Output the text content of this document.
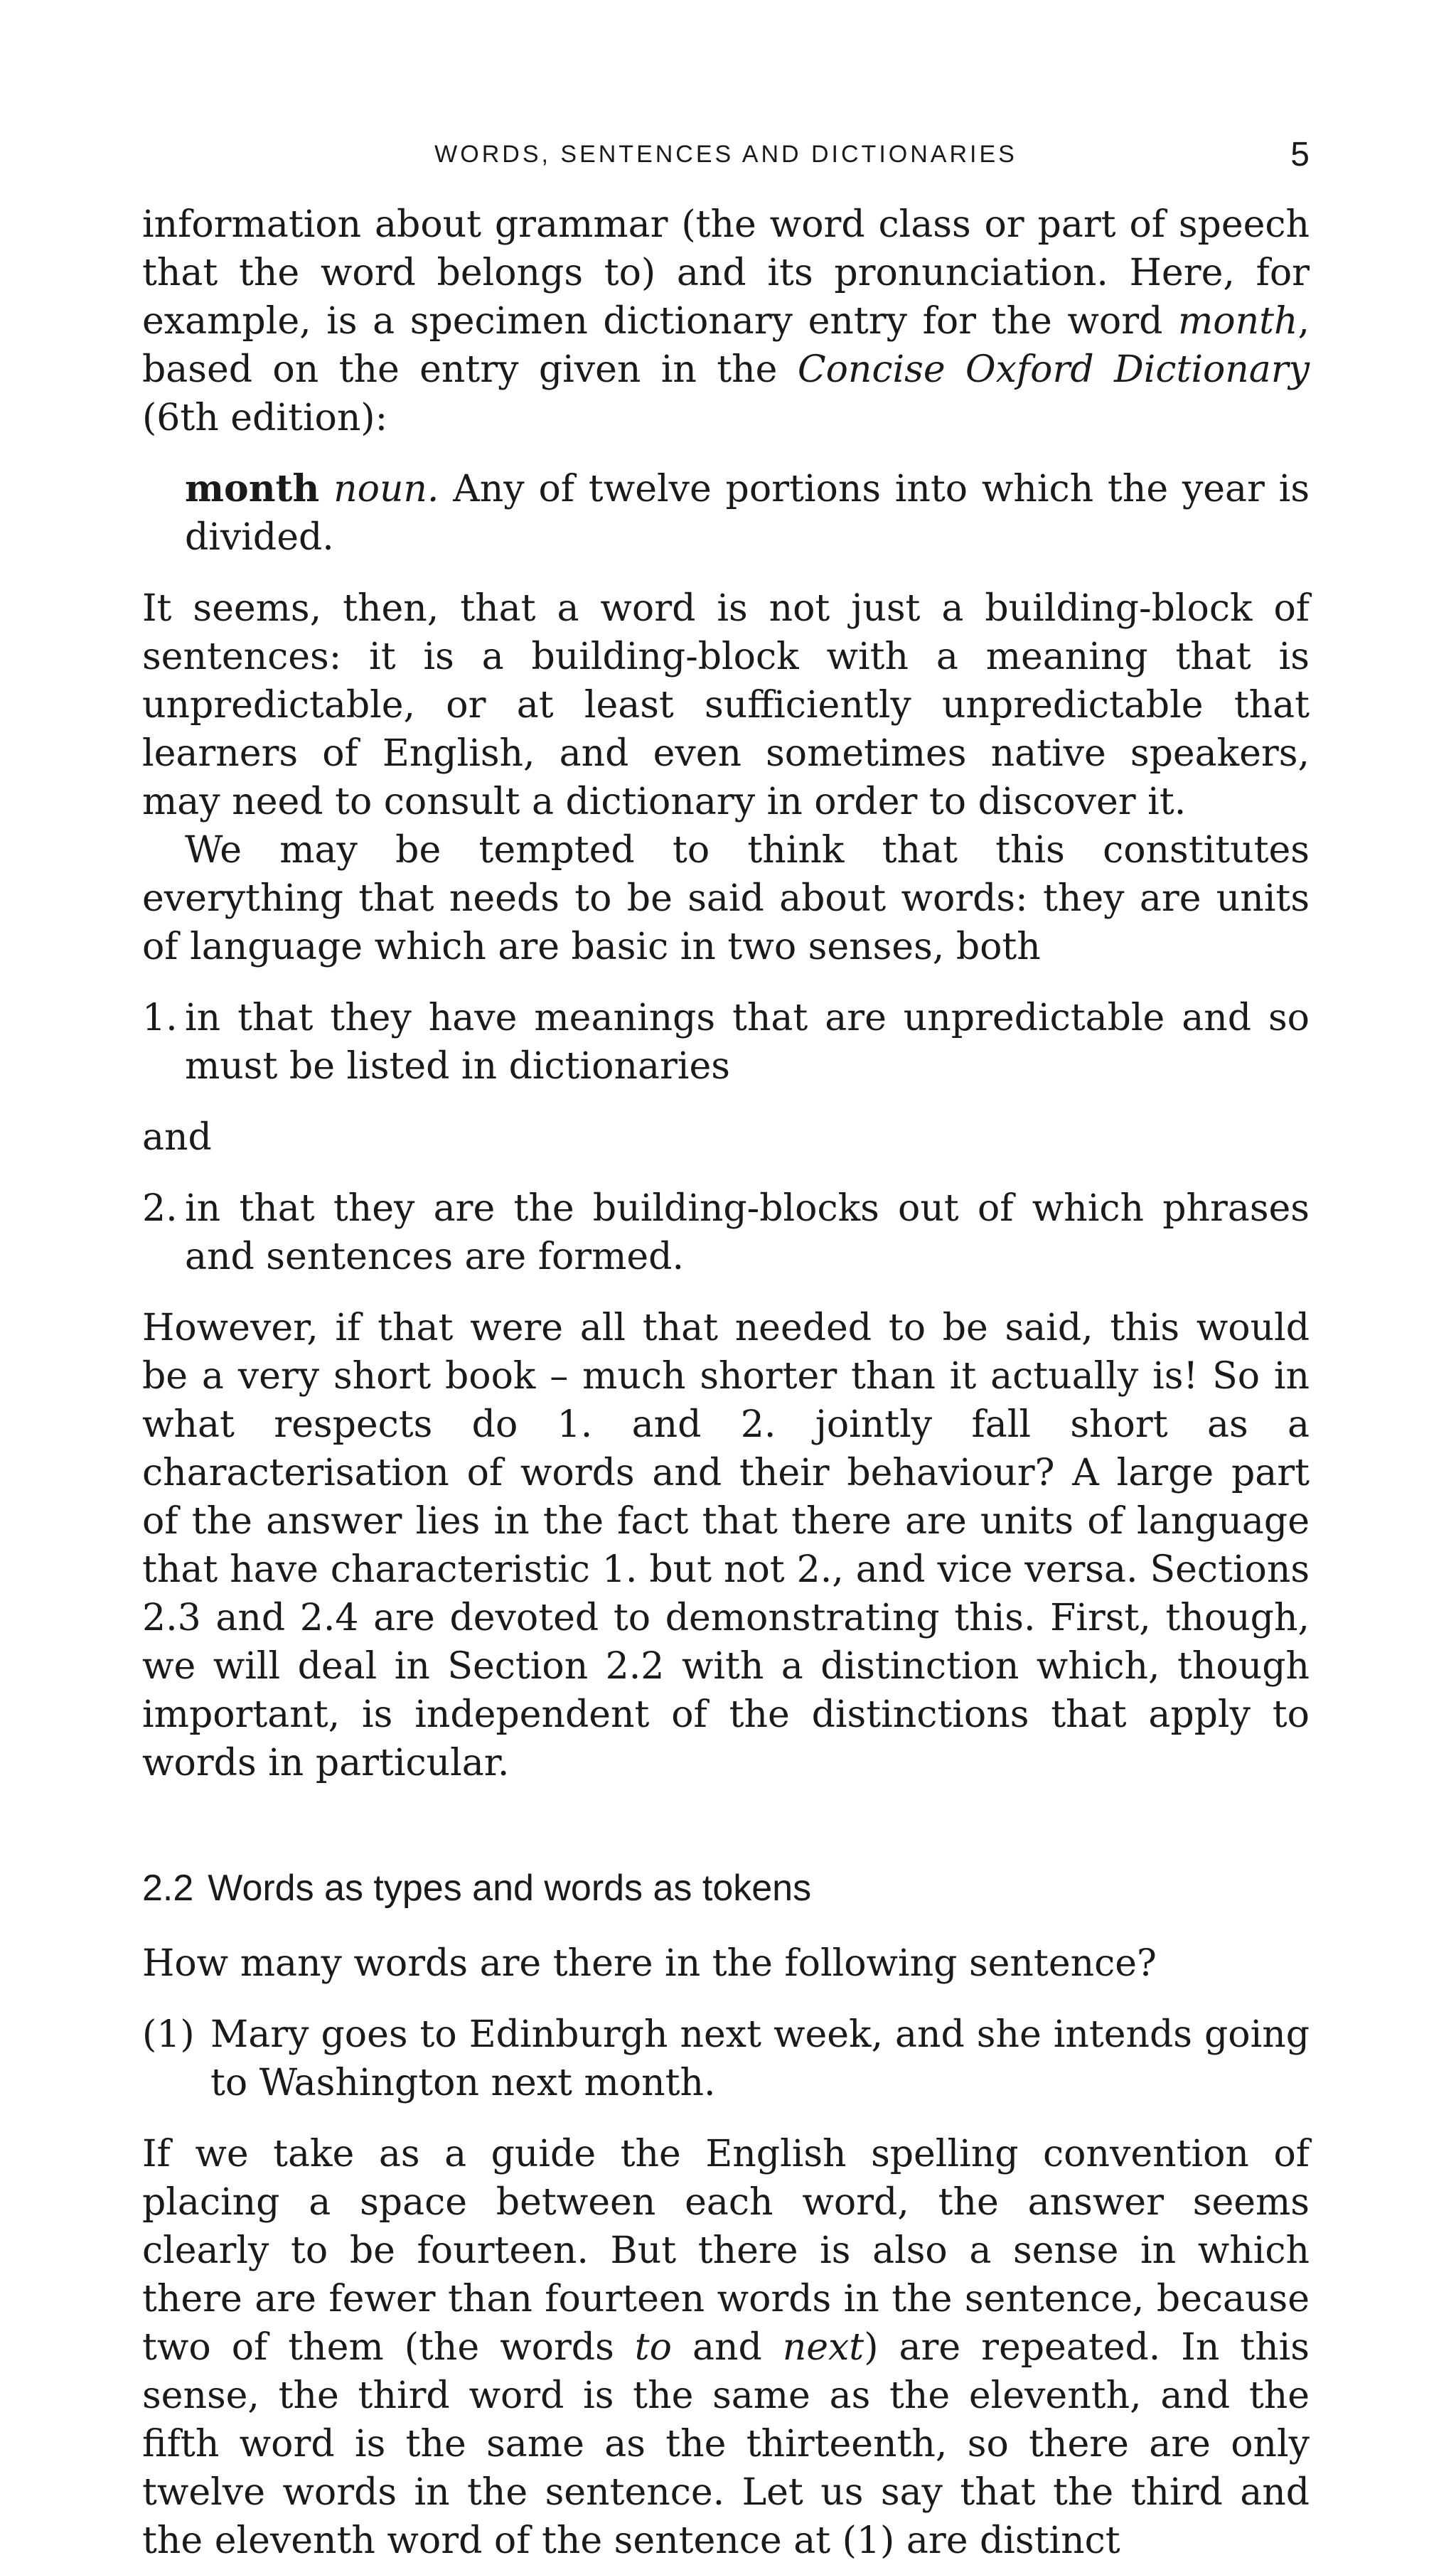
WORDS, SENTENCES AND DICTIONARIES	5

information about grammar (the word class or part of speech that the word belongs to) and its pronunciation. Here, for example, is a specimen dictionary entry for the word month, based on the entry given in the Concise Oxford Dictionary (6th edition):

month noun. Any of twelve portions into which the year is divided.

It seems, then, that a word is not just a building-block of sentences: it is a building-block with a meaning that is unpredictable, or at least sufficiently unpredictable that learners of English, and even sometimes native speakers, may need to consult a dictionary in order to discover it.

We may be tempted to think that this constitutes everything that needs to be said about words: they are units of language which are basic in two senses, both

1. in that they have meanings that are unpredictable and so must be listed in dictionaries
and
2. in that they are the building-blocks out of which phrases and sentences are formed.

However, if that were all that needed to be said, this would be a very short book – much shorter than it actually is! So in what respects do 1. and 2. jointly fall short as a characterisation of words and their behaviour? A large part of the answer lies in the fact that there are units of language that have characteristic 1. but not 2., and vice versa. Sections 2.3 and 2.4 are devoted to demonstrating this. First, though, we will deal in Section 2.2 with a distinction which, though important, is independent of the distinctions that apply to words in particular.

2.2 Words as types and words as tokens

How many words are there in the following sentence?

(1) Mary goes to Edinburgh next week, and she intends going to Washington next month.

If we take as a guide the English spelling convention of placing a space between each word, the answer seems clearly to be fourteen. But there is also a sense in which there are fewer than fourteen words in the sentence, because two of them (the words to and next) are repeated. In this sense, the third word is the same as the eleventh, and the fifth word is the same as the thirteenth, so there are only twelve words in the sentence. Let us say that the third and the eleventh word of the sentence at (1) are distinct
